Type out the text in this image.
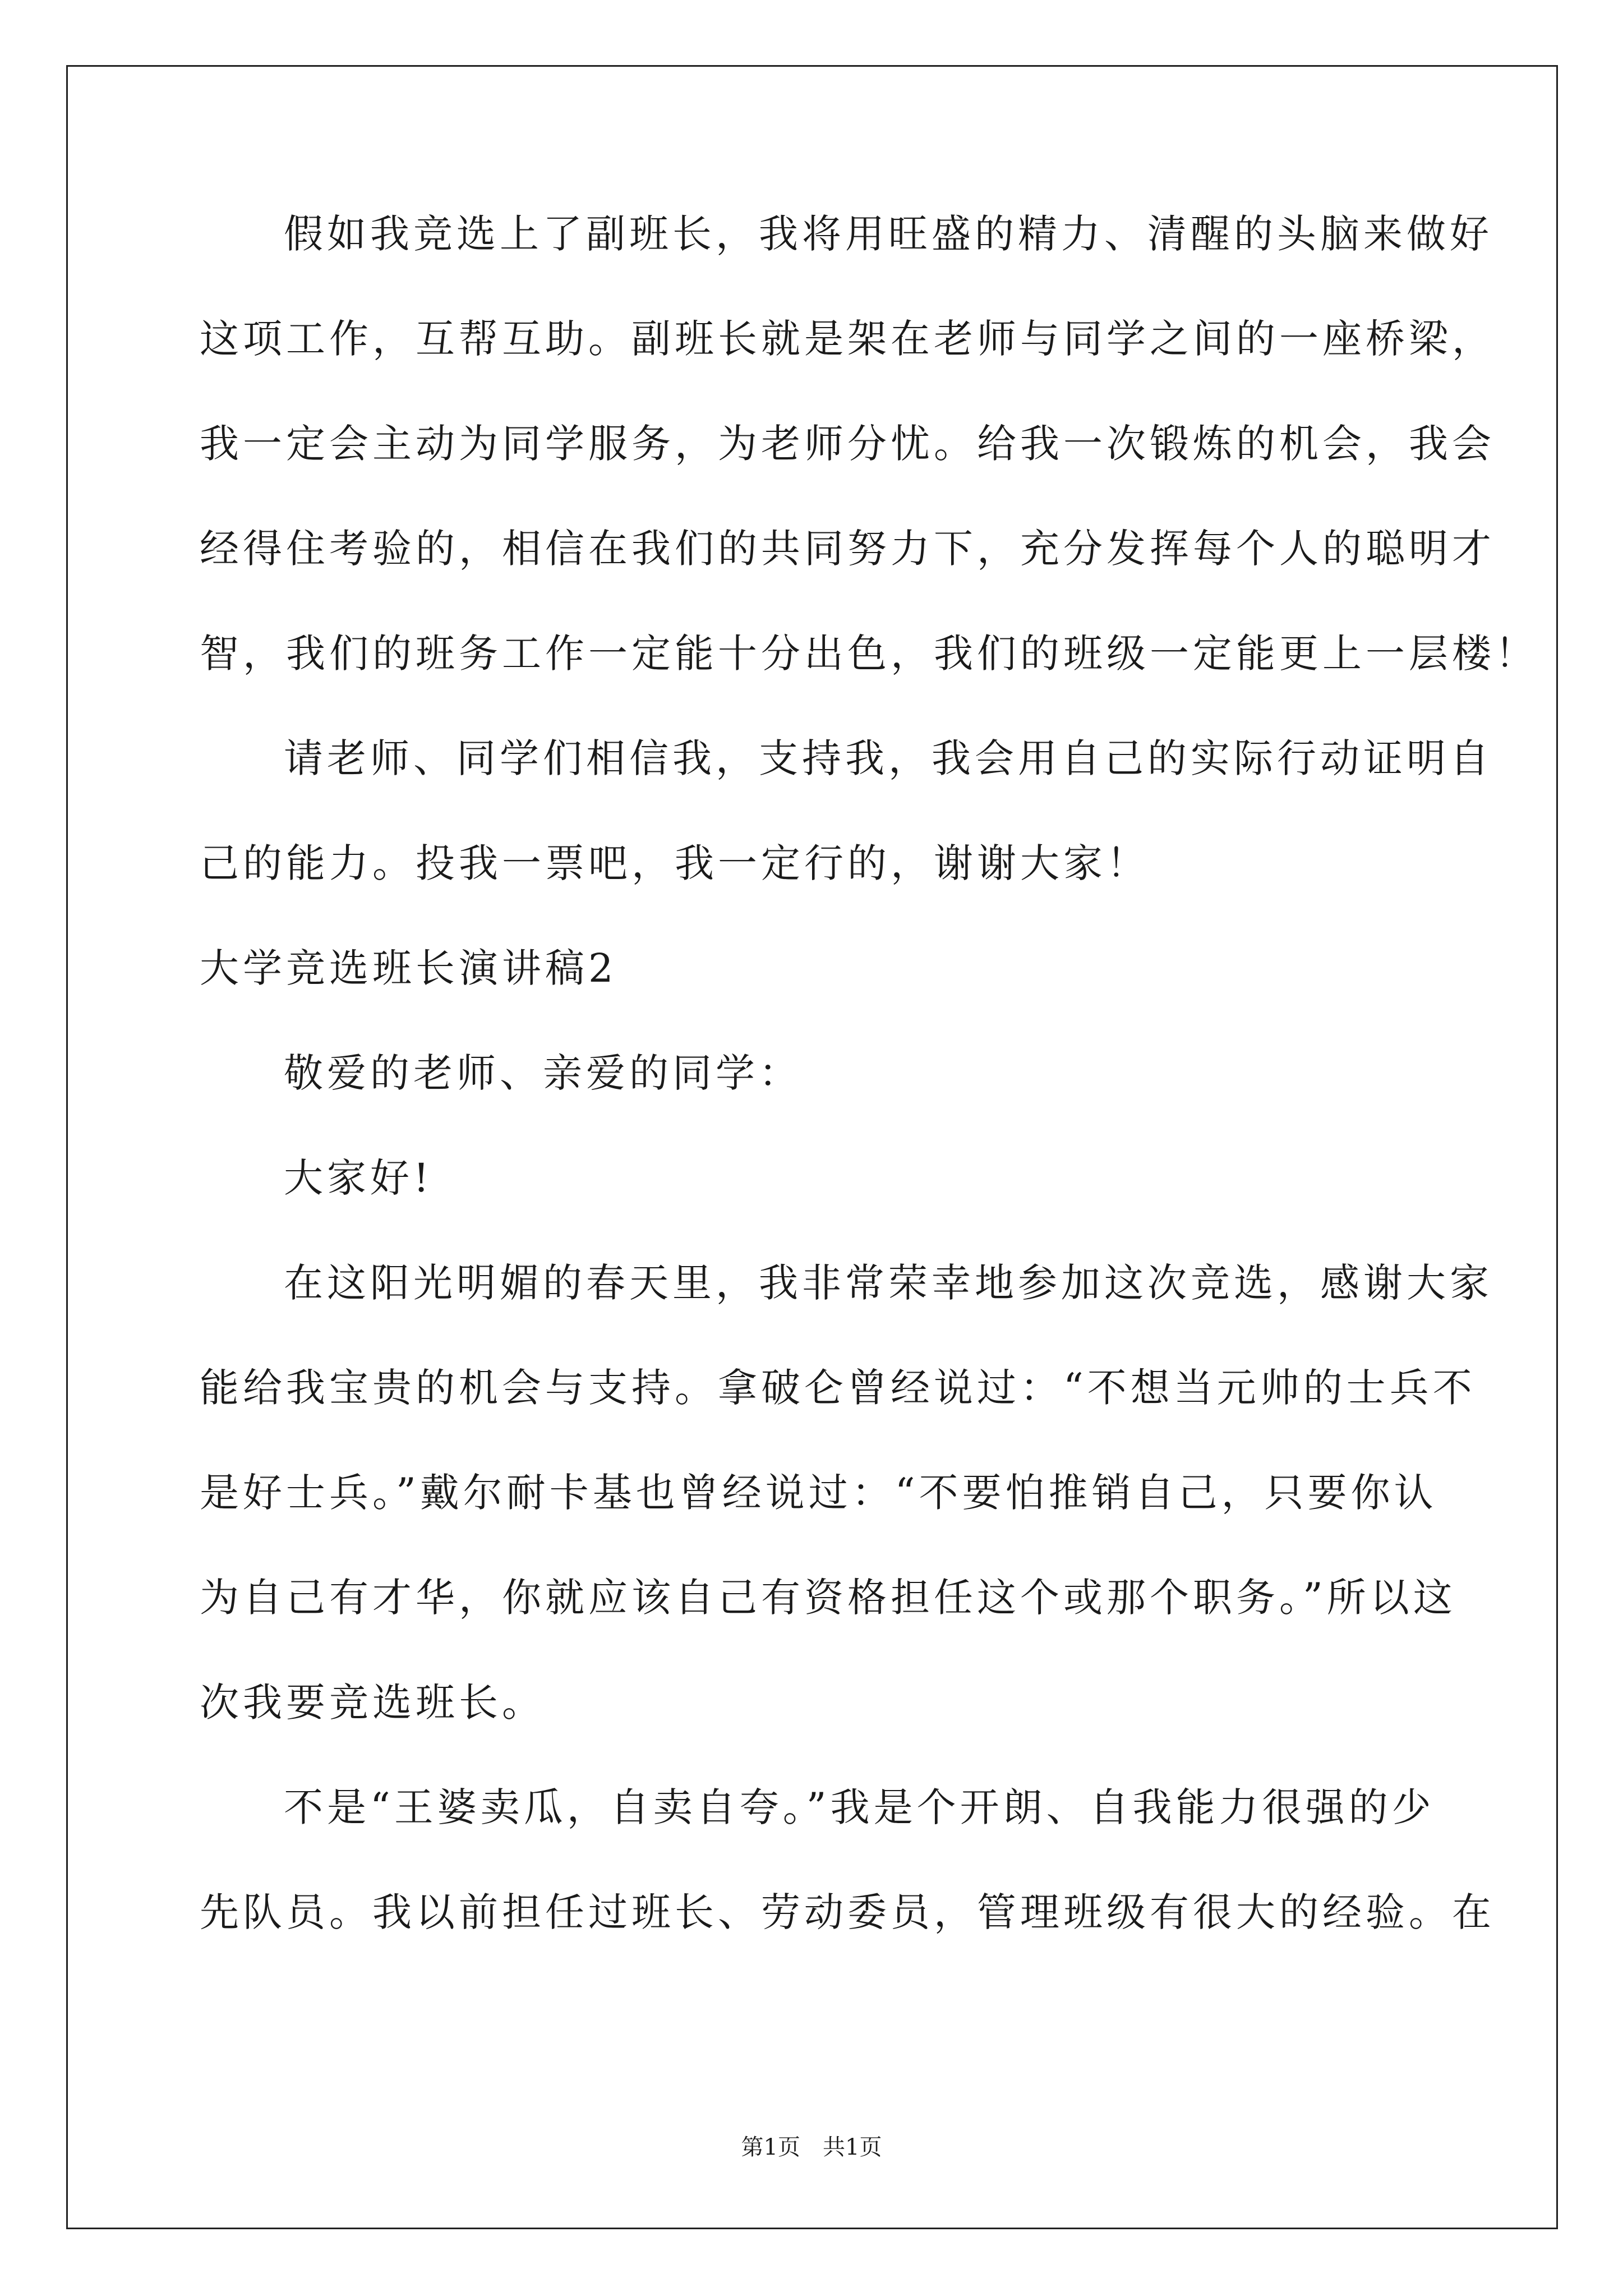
假如我竞选上了副班长，我将用旺盛的精力、清醒的头脑来做好

这项工作，互帮互助。副班长就是架在老师与同学之间的一座桥梁，

我一定会主动为同学服务，为老师分忧。给我一次锻炼的机会，我会

经得住考验的，相信在我们的共同努力下，充分发挥每个人的聪明才

智，我们的班务工作一定能十分出色，我们的班级一定能更上一层楼！

请老师、同学们相信我，支持我，我会用自己的实际行动证明自

己的能力。投我一票吧，我一定行的，谢谢大家！

大学竞选班长演讲稿2

敬爱的老师、亲爱的同学：

大家好!

在这阳光明媚的春天里，我非常荣幸地参加这次竞选，感谢大家

能给我宝贵的机会与支持。拿破仑曾经说过：“不想当元帅的士兵不

是好士兵。”戴尔耐卡基也曾经说过：“不要怕推销自己，只要你认

为自己有才华，你就应该自己有资格担任这个或那个职务。”所以这

次我要竞选班长。

不是“王婆卖瓜，自卖自夸。”我是个开朗、自我能力很强的少

先队员。我以前担任过班长、劳动委员，管理班级有很大的经验。在

第1页　共1页
